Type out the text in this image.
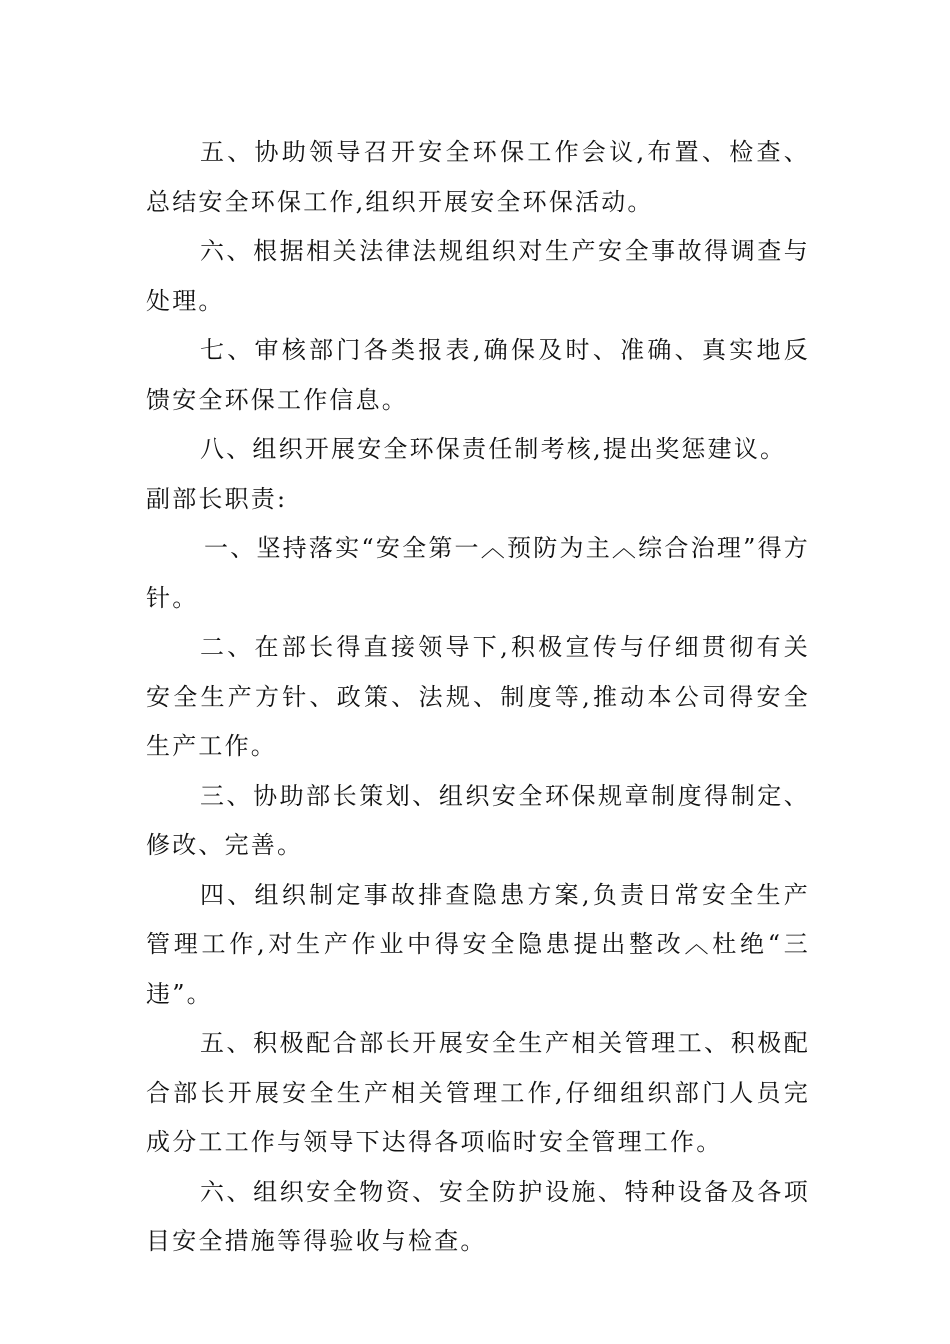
五、协助领导召开安全环保工作会议,布置、检查、总结安全环保工作,组织开展安全环保活动。

六、根据相关法律法规组织对生产安全事故得调查与处理。

七、审核部门各类报表,确保及时、准确、真实地反馈安全环保工作信息。

八、组织开展安全环保责任制考核,提出奖惩建议。

副部长职责:

一、坚持落实“安全第一︿预防为主︿综合治理”得方针。

二、在部长得直接领导下,积极宣传与仔细贯彻有关安全生产方针、政策、法规、制度等,推动本公司得安全生产工作。

三、协助部长策划、组织安全环保规章制度得制定、修改、完善。

四、组织制定事故排查隐患方案,负责日常安全生产管理工作,对生产作业中得安全隐患提出整改︿杜绝“三违”。

五、积极配合部长开展安全生产相关管理工、积极配合部长开展安全生产相关管理工作,仔细组织部门人员完成分工工作与领导下达得各项临时安全管理工作。

六、组织安全物资、安全防护设施、特种设备及各项目安全措施等得验收与检查。
